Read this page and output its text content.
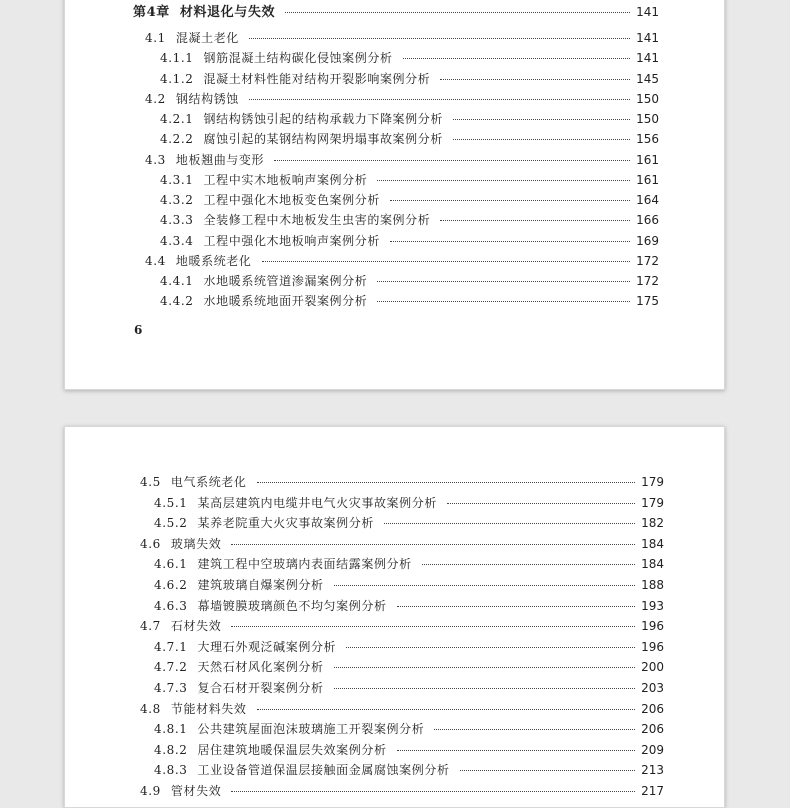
第4章 材料退化与失效	141
4.1 混凝土老化	141
4.1.1 钢筋混凝土结构碳化侵蚀案例分析	141
4.1.2 混凝土材料性能对结构开裂影响案例分析	145
4.2 钢结构锈蚀	150
4.2.1 钢结构锈蚀引起的结构承载力下降案例分析	150
4.2.2 腐蚀引起的某钢结构网架坍塌事故案例分析	156
4.3 地板翘曲与变形	161
4.3.1 工程中实木地板响声案例分析	161
4.3.2 工程中强化木地板变色案例分析	164
4.3.3 全装修工程中木地板发生虫害的案例分析	166
4.3.4 工程中强化木地板响声案例分析	169
4.4 地暖系统老化	172
4.4.1 水地暖系统管道渗漏案例分析	172
4.4.2 水地暖系统地面开裂案例分析	175
6
4.5 电气系统老化	179
4.5.1 某高层建筑内电缆井电气火灾事故案例分析	179
4.5.2 某养老院重大火灾事故案例分析	182
4.6 玻璃失效	184
4.6.1 建筑工程中空玻璃内表面结露案例分析	184
4.6.2 建筑玻璃自爆案例分析	188
4.6.3 幕墙镀膜玻璃颜色不均匀案例分析	193
4.7 石材失效	196
4.7.1 大理石外观泛碱案例分析	196
4.7.2 天然石材风化案例分析	200
4.7.3 复合石材开裂案例分析	203
4.8 节能材料失效	206
4.8.1 公共建筑屋面泡沫玻璃施工开裂案例分析	206
4.8.2 居住建筑地暖保温层失效案例分析	209
4.8.3 工业设备管道保温层接触面金属腐蚀案例分析	213
4.9 管材失效	217
